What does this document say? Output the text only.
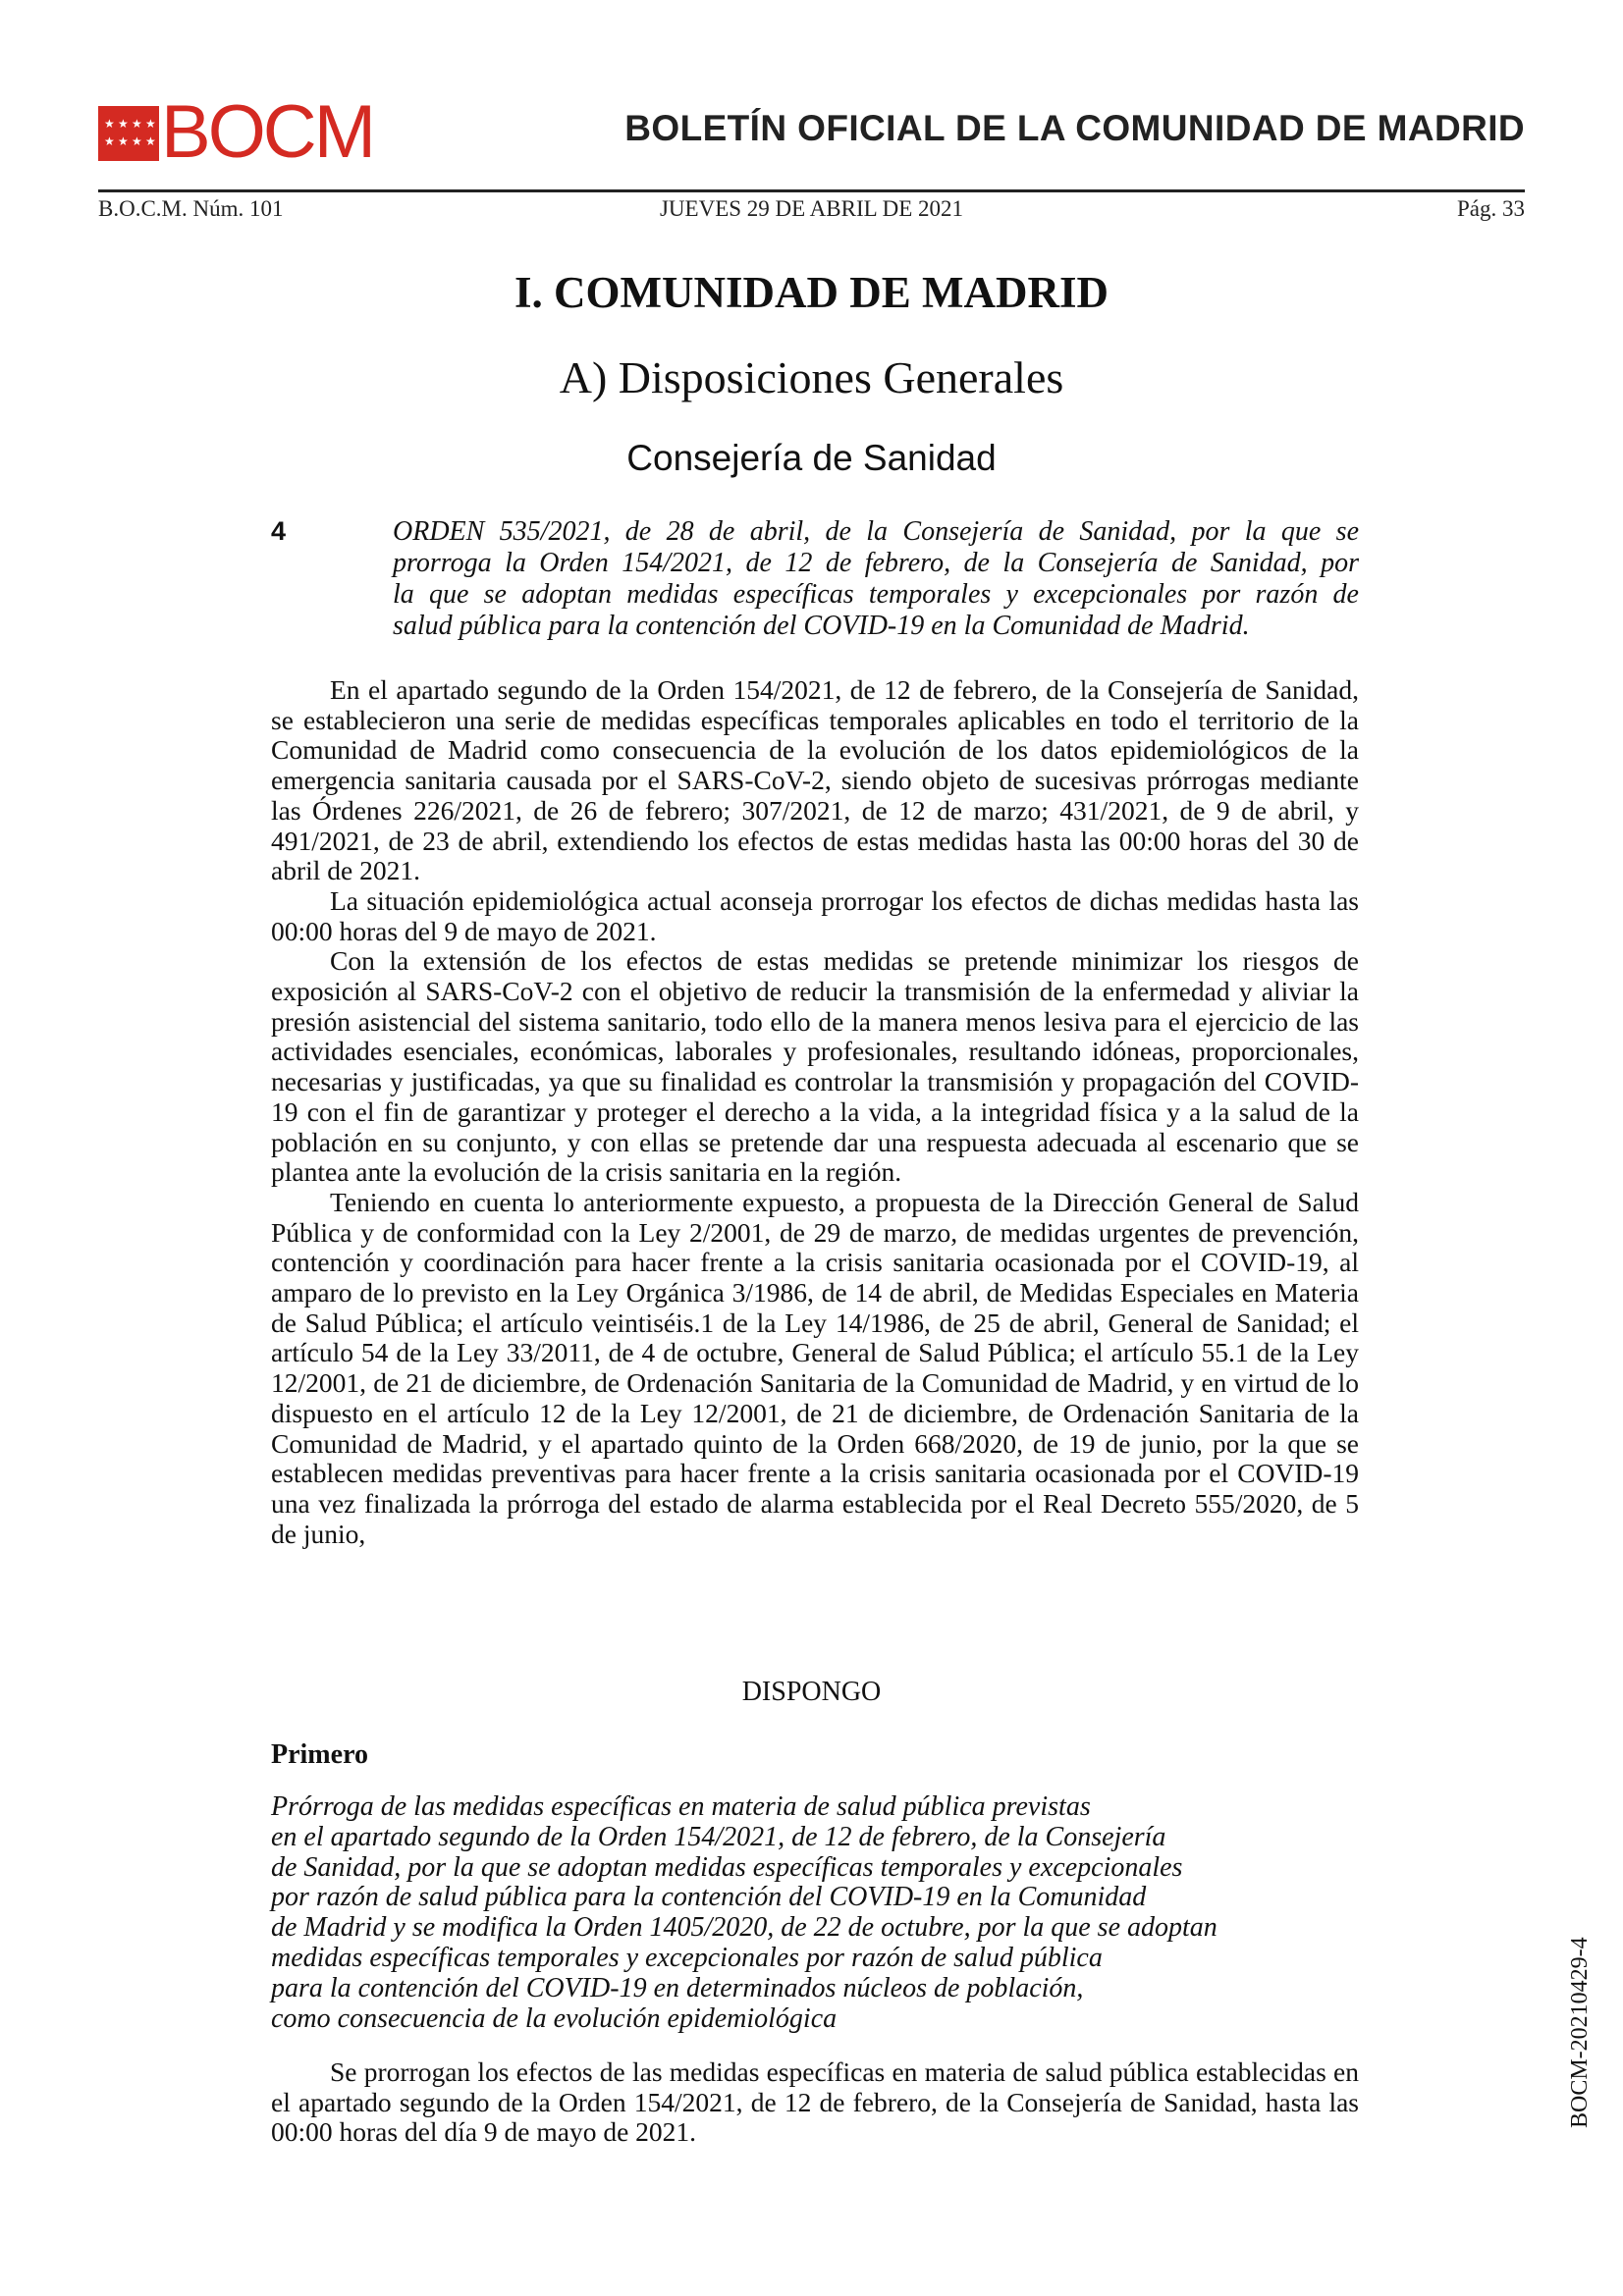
★ ★ ★ ★
★ ★ ★ ★ BOCM	BOLETÍN OFICIAL DE LA COMUNIDAD DE MADRID
B.O.C.M. Núm. 101	JUEVES 29 DE ABRIL DE 2021	Pág. 33
I. COMUNIDAD DE MADRID
A) Disposiciones Generales
Consejería de Sanidad
4	ORDEN 535/2021, de 28 de abril, de la Consejería de Sanidad, por la que se
prorroga la Orden 154/2021, de 12 de febrero, de la Consejería de Sanidad, por
la que se adoptan medidas específicas temporales y excepcionales por razón de
salud pública para la contención del COVID-19 en la Comunidad de Madrid.

En el apartado segundo de la Orden 154/2021, de 12 de febrero, de la Consejería de Sanidad, se establecieron una serie de medidas específicas temporales aplicables en todo el territorio de la Comunidad de Madrid como consecuencia de la evolución de los datos epidemiológicos de la emergencia sanitaria causada por el SARS-CoV-2, siendo objeto de sucesivas prórrogas mediante las Órdenes 226/2021, de 26 de febrero; 307/2021, de 12 de marzo; 431/2021, de 9 de abril, y 491/2021, de 23 de abril, extendiendo los efectos de estas medidas hasta las 00:00 horas del 30 de abril de 2021.

La situación epidemiológica actual aconseja prorrogar los efectos de dichas medidas hasta las 00:00 horas del 9 de mayo de 2021.

Con la extensión de los efectos de estas medidas se pretende minimizar los riesgos de exposición al SARS-CoV-2 con el objetivo de reducir la transmisión de la enfermedad y aliviar la presión asistencial del sistema sanitario, todo ello de la manera menos lesiva para el ejercicio de las actividades esenciales, económicas, laborales y profesionales, resultando idóneas, proporcionales, necesarias y justificadas, ya que su finalidad es controlar la transmisión y propagación del COVID-19 con el fin de garantizar y proteger el derecho a la vida, a la integridad física y a la salud de la población en su conjunto, y con ellas se pretende dar una respuesta adecuada al escenario que se plantea ante la evolución de la crisis sanitaria en la región.

Teniendo en cuenta lo anteriormente expuesto, a propuesta de la Dirección General de Salud Pública y de conformidad con la Ley 2/2001, de 29 de marzo, de medidas urgentes de prevención, contención y coordinación para hacer frente a la crisis sanitaria ocasionada por el COVID-19, al amparo de lo previsto en la Ley Orgánica 3/1986, de 14 de abril, de Medidas Especiales en Materia de Salud Pública; el artículo veintiséis.1 de la Ley 14/1986, de 25 de abril, General de Sanidad; el artículo 54 de la Ley 33/2011, de 4 de octubre, General de Salud Pública; el artículo 55.1 de la Ley 12/2001, de 21 de diciembre, de Ordenación Sanitaria de la Comunidad de Madrid, y en virtud de lo dispuesto en el artículo 12 de la Ley 12/2001, de 21 de diciembre, de Ordenación Sanitaria de la Comunidad de Madrid, y el apartado quinto de la Orden 668/2020, de 19 de junio, por la que se establecen medidas preventivas para hacer frente a la crisis sanitaria ocasionada por el COVID-19 una vez finalizada la prórroga del estado de alarma establecida por el Real Decreto 555/2020, de 5 de junio,

DISPONGO
Primero
Prórroga de las medidas específicas en materia de salud pública previstas
en el apartado segundo de la Orden 154/2021, de 12 de febrero, de la Consejería
de Sanidad, por la que se adoptan medidas específicas temporales y excepcionales
por razón de salud pública para la contención del COVID-19 en la Comunidad
de Madrid y se modifica la Orden 1405/2020, de 22 de octubre, por la que se adoptan
medidas específicas temporales y excepcionales por razón de salud pública
para la contención del COVID-19 en determinados núcleos de población,
como consecuencia de la evolución epidemiológica

Se prorrogan los efectos de las medidas específicas en materia de salud pública establecidas en el apartado segundo de la Orden 154/2021, de 12 de febrero, de la Consejería de Sanidad, hasta las 00:00 horas del día 9 de mayo de 2021.

BOCM-20210429-4
